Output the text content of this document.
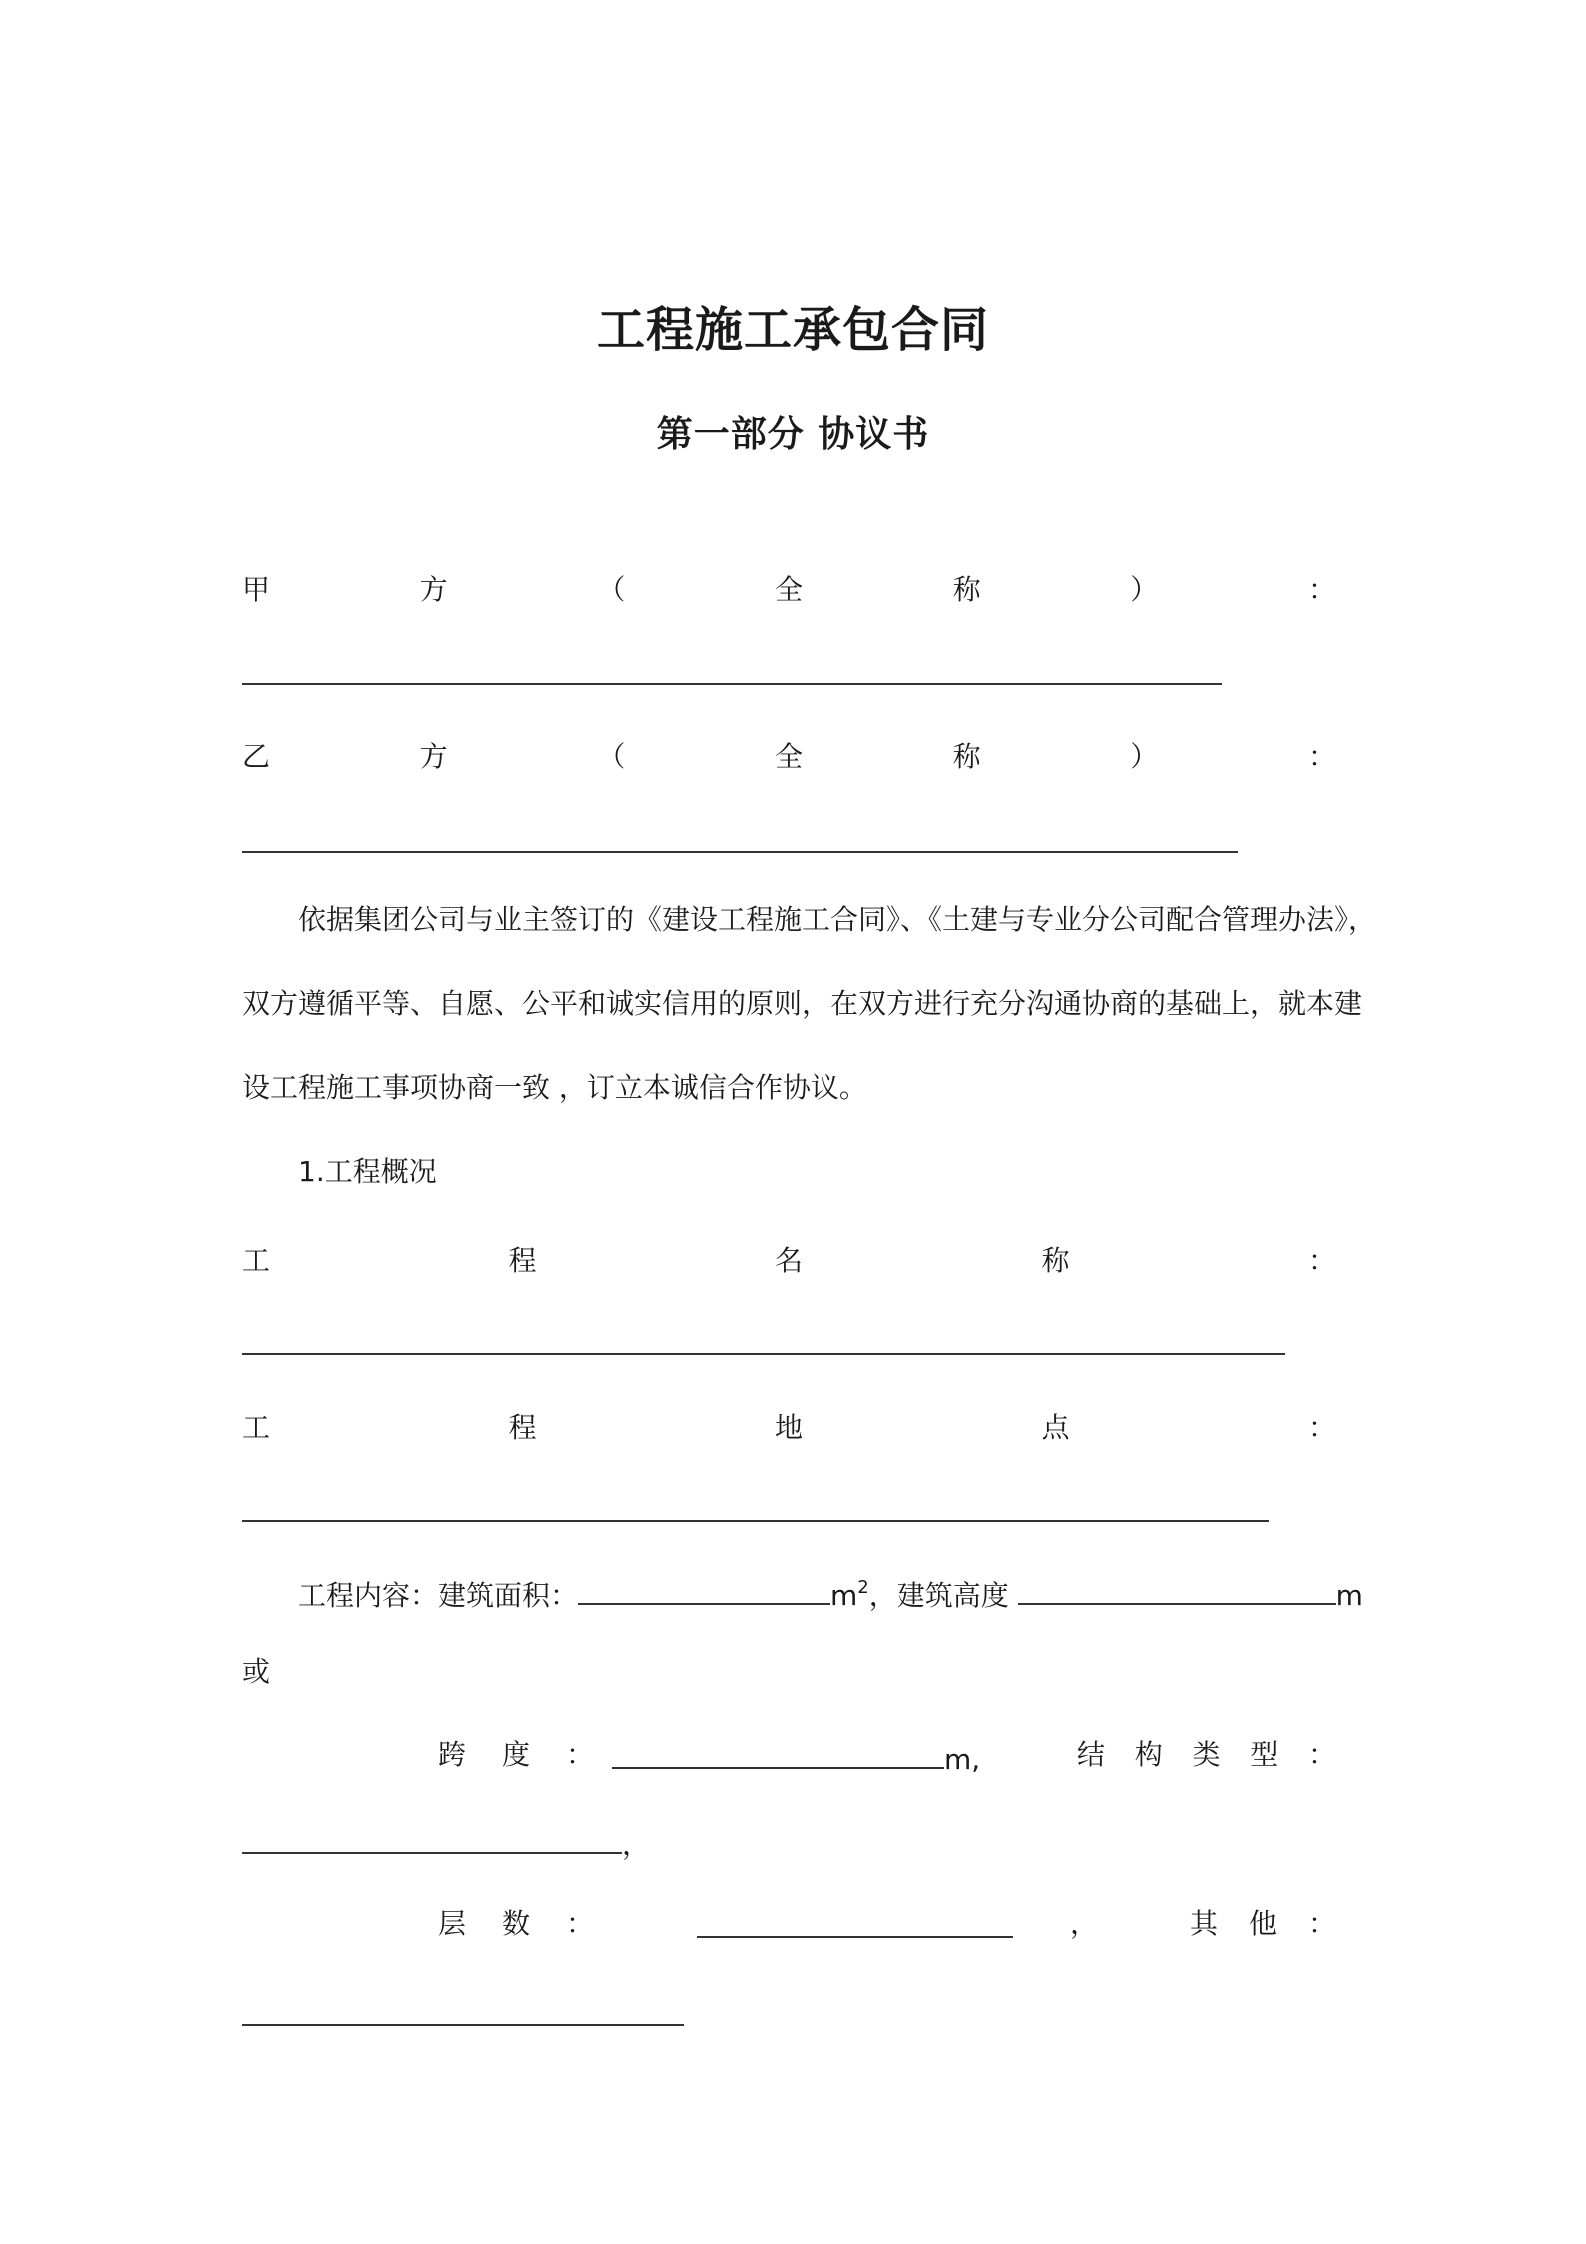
工程施工承包合同
第一部分 协议书
甲	方	（	全	称	）	：
乙	方	（	全	称	）	：
依据集团公司与业主签订的《建设工程施工合同》、《土建与专业分公司配合管理办法》，
双方遵循平等、自愿、公平和诚实信用的原则，在双方进行充分沟通协商的基础上，就本建
设工程施工事项协商一致 ，订立本诚信合作协议。
1.工程概况
工	程	名	称	：
工	程	地	点	：
工程内容：建筑面积：	$m^2$，建筑高度	m
或
跨 度 ：	m,	结 构 类 型 ：
，
层 数 ：	，	其 他 ：
